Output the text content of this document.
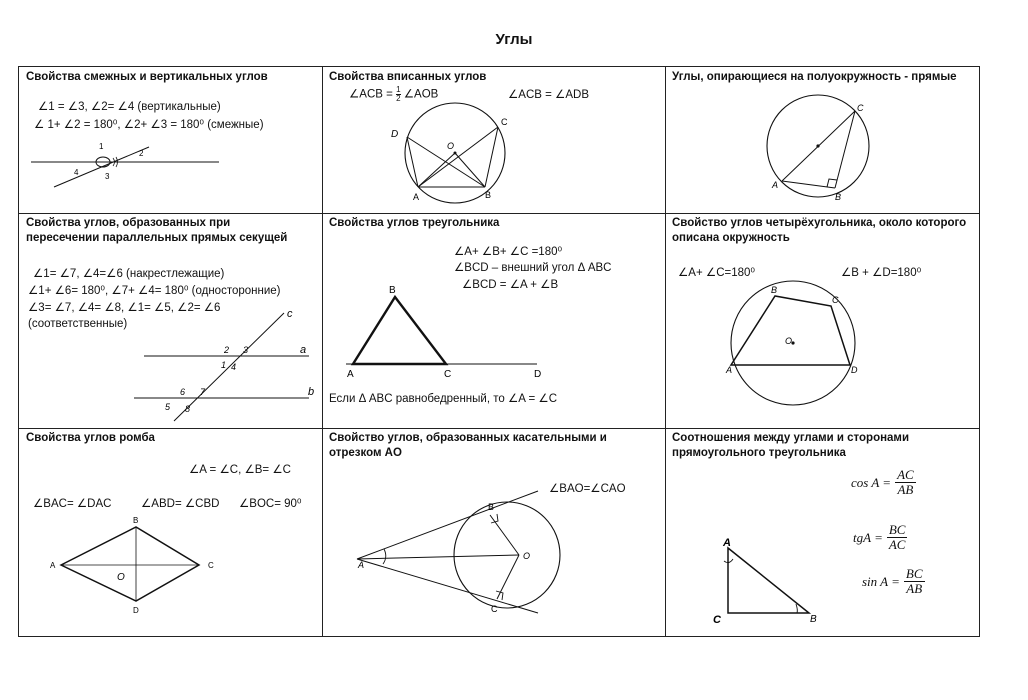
Углы
Свойства смежных и вертикальных углов
∠1 = ∠3, ∠2= ∠4 (вертикальные)
∠ 1+ ∠2 = 180⁰, ∠2+ ∠3 = 180⁰ (смежные)
1
2
3
4
Свойства вписанных углов
∠ACB = $\frac{1}{2}$ ∠AOB	∠ACB = ∠ADB
D
C
O
A	B
Углы, опирающиеся на полуокружность - прямые
C
A
B
Свойства углов, образованных при пересечении параллельных прямых секущей
∠1= ∠7, ∠4=∠6 (накрестлежащие)
∠1+ ∠6= 180⁰, ∠7+ ∠4= 180⁰ (односторонние)
∠3= ∠7, ∠4= ∠8, ∠1= ∠5, ∠2= ∠6
(соответственные)
c
a
b
2 3
1 4
6 7
5 8
Свойства углов треугольника
∠A+ ∠B+ ∠C =180⁰
∠BCD – внешний угол Δ ABC
∠BCD = ∠A + ∠B
B
A	C	D
Если Δ ABC равнобедренный, то ∠A = ∠C
Свойство углов четырёхугольника, около которого описана окружность
∠A+ ∠C=180⁰	∠B + ∠D=180⁰
B
C
O
A	D
Свойства углов ромба
∠A = ∠C, ∠B= ∠C
∠BAC= ∠DAC	∠ABD= ∠CBD ∠BOC= 90⁰
B
A
O
C
D
Свойство углов, образованных касательными и отрезком AO
∠BAO=∠CAO
B
A
O
C
Соотношения между углами и сторонами прямоугольного треугольника
A
C	B
$\cos A = \frac{AC}{AB}$
tgA = $\frac{BC}{AC}$
$\sin A = \frac{BC}{AB}$
